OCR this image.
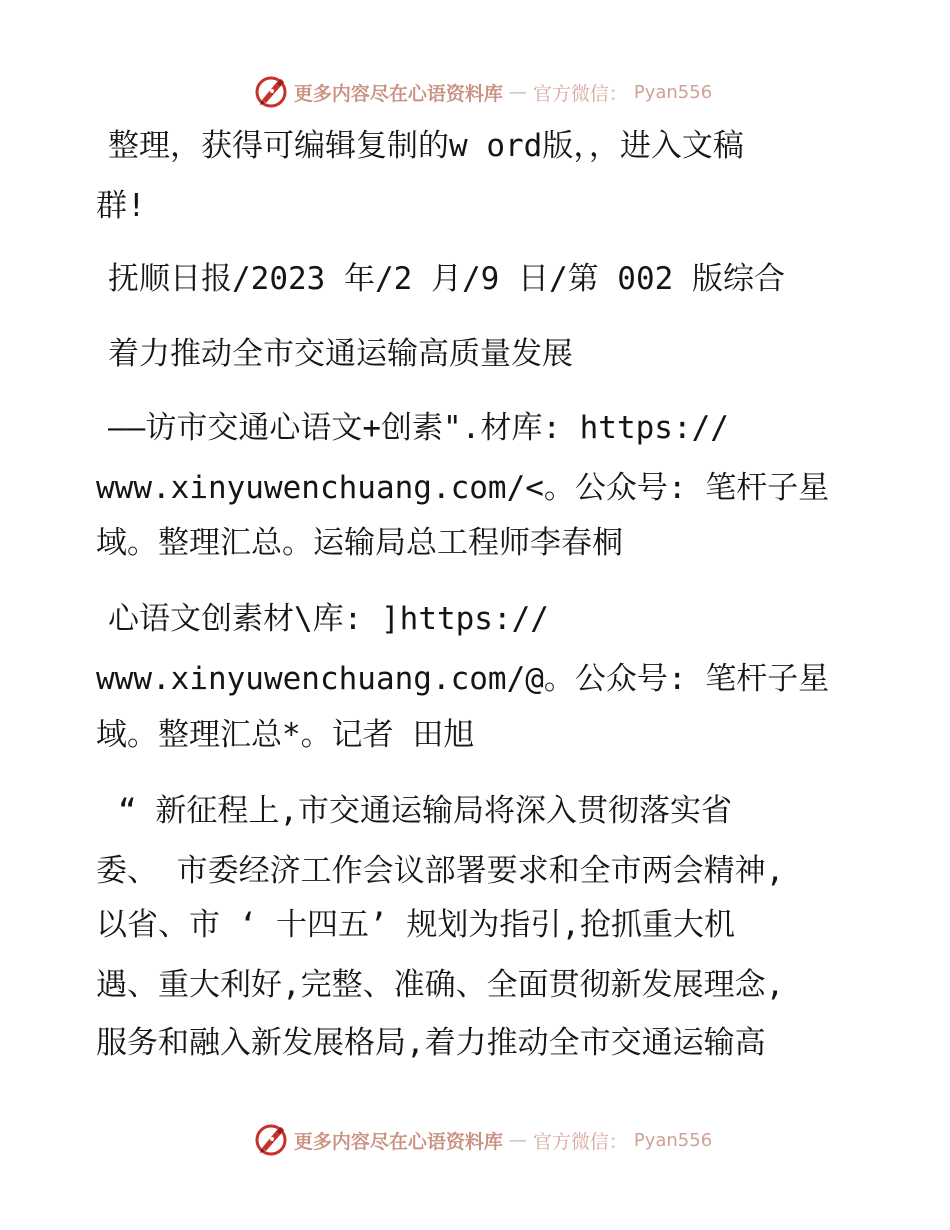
更多内容尽在心语资料库 — 官方微信： Pyan556
整理，获得可编辑复制的w ord版，，进入文稿
群!
抚顺日报/2023 年/2 月/9 日/第 002 版综合
着力推动全市交通运输高质量发展
——访市交通心语文+创素".材库: https://
www.xinyuwenchuang.com/<。公众号: 笔杆子星
域。整理汇总。运输局总工程师李春桐
心语文创素材\库: ]https://
www.xinyuwenchuang.com/@。公众号: 笔杆子星
域。整理汇总*。记者 田旭
“ 新征程上,市交通运输局将深入贯彻落实省
委、 市委经济工作会议部署要求和全市两会精神,
以省、市 ‘ 十四五’ 规划为指引,抢抓重大机
遇、重大利好,完整、准确、全面贯彻新发展理念,
服务和融入新发展格局,着力推动全市交通运输高
更多内容尽在心语资料库 — 官方微信： Pyan556
